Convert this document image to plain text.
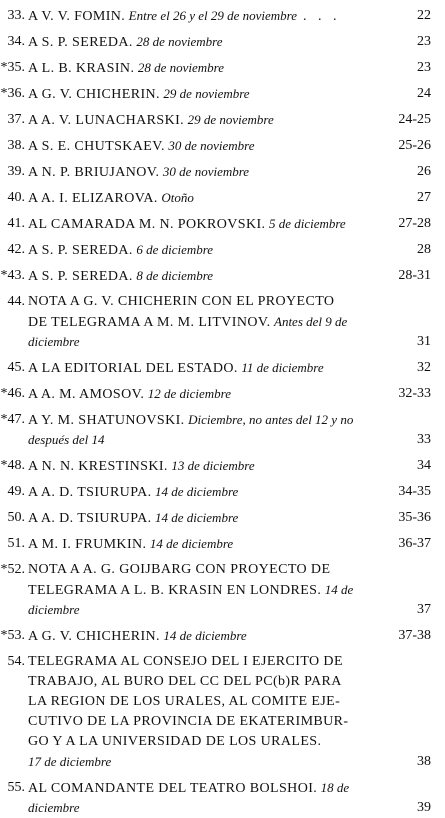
33. A V. V. FOMIN. Entre el 26 y el 29 de noviembre . . .	22
34. A S. P. SEREDA. 28 de noviembre	23
*35. A L. B. KRASIN. 28 de noviembre	23
*36. A G. V. CHICHERIN. 29 de noviembre	24
37. A A. V. LUNACHARSKI. 29 de noviembre	24-25
38. A S. E. CHUTSKAEV. 30 de noviembre	25-26
39. A N. P. BRIUJANOV. 30 de noviembre	26
40. A A. I. ELIZAROVA. Otoño	27
41. AL CAMARADA M. N. POKROVSKI. 5 de diciembre	27-28
42. A S. P. SEREDA. 6 de diciembre	28
*43. A S. P. SEREDA. 8 de diciembre	28-31
44. NOTA A G. V. CHICHERIN CON EL PROYECTO
DE TELEGRAMA A M. M. LITVINOV. Antes del 9 de
diciembre	31
45. A LA EDITORIAL DEL ESTADO. 11 de diciembre	32
*46. A A. M. AMOSOV. 12 de diciembre	32-33
*47. A Y. M. SHATUNOVSKI. Diciembre, no antes del 12 y no
después del 14	33
*48. A N. N. KRESTINSKI. 13 de diciembre	34
49. A A. D. TSIURUPA. 14 de diciembre	34-35
50. A A. D. TSIURUPA. 14 de diciembre	35-36
51. A M. I. FRUMKIN. 14 de diciembre	36-37
*52. NOTA A A. G. GOIJBARG CON PROYECTO DE
TELEGRAMA A L. B. KRASIN EN LONDRES. 14 de
diciembre	37
*53. A G. V. CHICHERIN. 14 de diciembre	37-38
54. TELEGRAMA AL CONSEJO DEL I EJERCITO DE
TRABAJO, AL BURO DEL CC DEL PC(b)R PARA
LA REGION DE LOS URALES, AL COMITE EJE-
CUTIVO DE LA PROVINCIA DE EKATERIMBUR-
GO Y A LA UNIVERSIDAD DE LOS URALES.
17 de diciembre	38
55. AL COMANDANTE DEL TEATRO BOLSHOI. 18 de
diciembre	39
